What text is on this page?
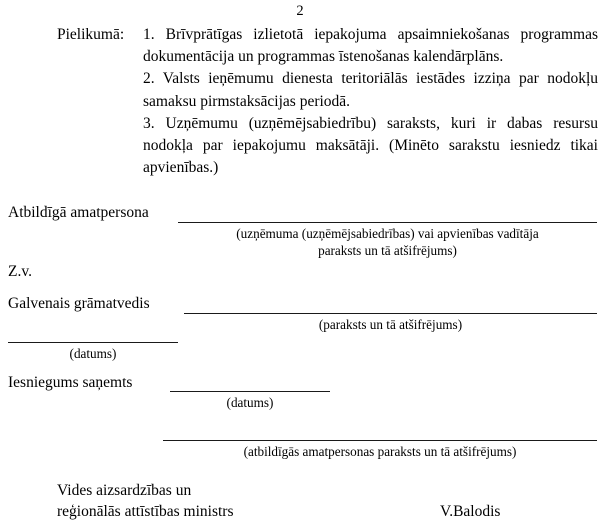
2
Pielikumā: 1. Brīvprātīgas izlietotā iepakojuma apsaimniekošanas programmas dokumentācija un programmas īstenošanas kalendārplāns.

2. Valsts ieņēmumu dienesta teritoriālās iestādes izziņa par nodokļu samaksu pirmstaksācijas periodā.

3. Uzņēmumu (uzņēmējsabiedrību) saraksts, kuri ir dabas resursu nodokļa par iepakojumu maksātāji. (Minēto sarakstu iesniedz tikai apvienības.)

Atbildīgā amatpersona
(uzņēmuma (uzņēmējsabiedrības) vai apvienības vadītāja
paraksts un tā atšifrējums)
Z.v.
Galvenais grāmatvedis
(paraksts un tā atšifrējums)
(datums)
Iesniegums saņemts
(datums)
(atbildīgās amatpersonas paraksts un tā atšifrējums)
Vides aizsardzības un
reģionālās attīstības ministrs	V.Balodis
